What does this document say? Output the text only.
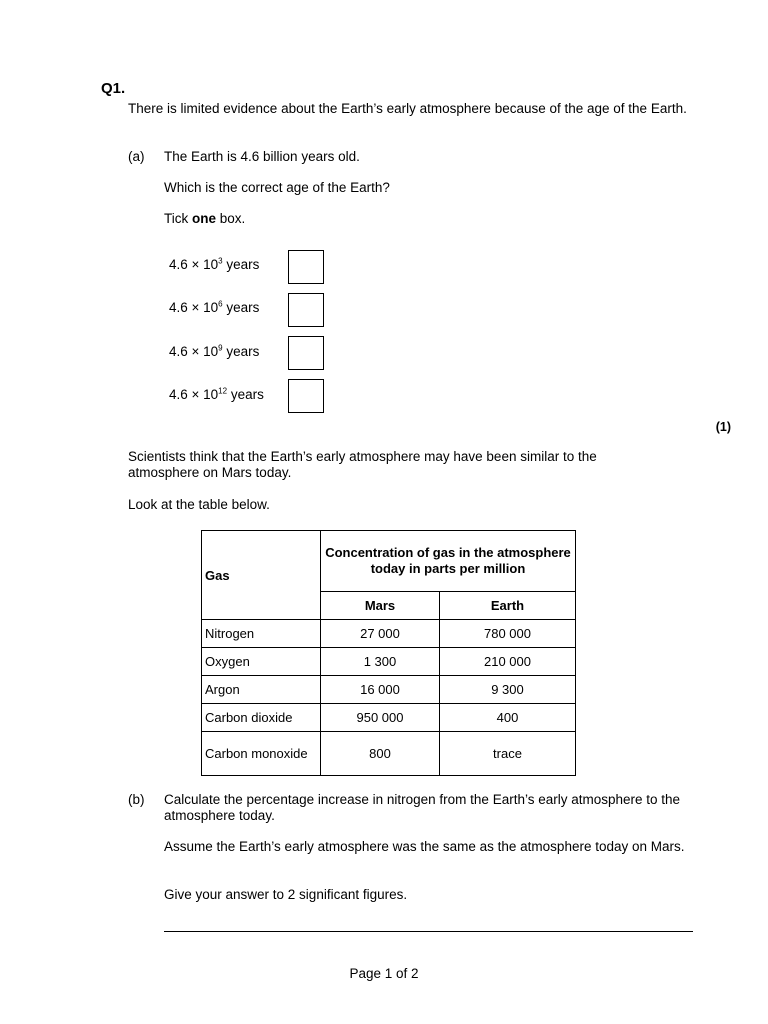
Q1.
There is limited evidence about the Earth’s early atmosphere because of the age of the Earth.
(a) The Earth is 4.6 billion years old.
Which is the correct age of the Earth?
Tick one box.
$4.6 \times 10^3$ years
$4.6 \times 10^6$ years
$4.6 \times 10^9$ years
$4.6 \times 10^{12}$ years
(1)
Scientists think that the Earth’s early atmosphere may have been similar to the atmosphere on Mars today.
Look at the table below.
Gas	Concentration of gas in the atmosphere today in parts per million	
	Mars	Earth
Nitrogen	27 000	780 000
Oxygen	1 300	210 000
Argon	16 000	9 300
Carbon dioxide	950 000	400
Carbon monoxide	800	trace
(b) Calculate the percentage increase in nitrogen from the Earth’s early atmosphere to the atmosphere today.
Assume the Earth’s early atmosphere was the same as the atmosphere today on Mars.
Give your answer to 2 significant figures.
Page 1 of 2
